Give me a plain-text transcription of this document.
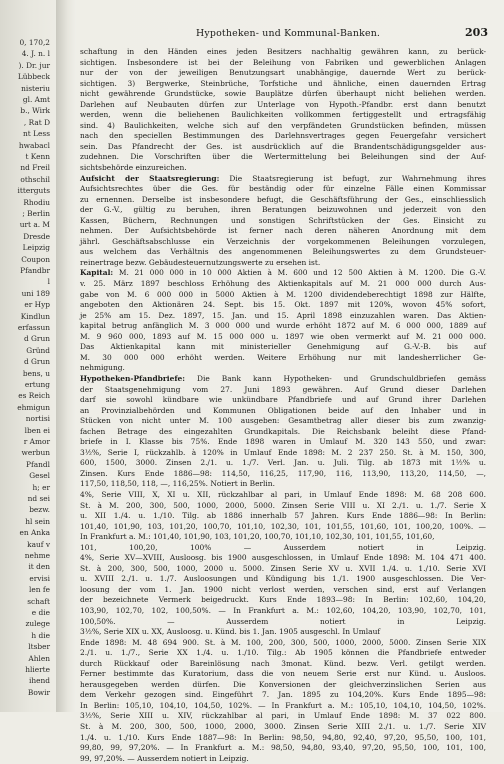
0, 170,2
4. J. n. l
). Dr. jur
Lübbeck
nisteriu
gl. Amt
b., Wirk
, Rat D
nt Less
hwabacl
t Kenn
nd Freil
othschil
itterguts
Rhodiu
; Berlin
urt a. M
Dresde
Leipzig
Coupon
Pfandbr
l
uni 189
er Hyp
Kindlun
erfassun
d Grun
Gründ
d Grun
bens, u
ertung
es Reich
ehmigun
nortisi
lben ei
r Amor
werbun
Pfandl
Gesel
h; er
nd sei
bezw.
hl sein
en Anka
kauf v
nehme
it den
ervisi
len fe
schaft
e die
zulege
h die
ltsber
Ahlen
hlierte
ihend
Bowir
Hypotheken- und Kommunal-Banken.	203
schaftung in den Händen eines jeden Besitzers nachhaltig gewähren kann, zu berück-
sichtigen. Insbesondere ist bei der Beleihung von Fabriken und gewerblichen Anlagen
nur der von der jeweiligen Benutzungsart unabhängige, dauernde Wert zu berück-
sichtigen. 3) Bergwerke, Steinbrüche, Torfstiche und ähnliche, einen dauernden Ertrag
nicht gewährende Grundstücke, sowie Bauplätze dürfen überhaupt nicht beliehen werden.
Darlehen auf Neubauten dürfen zur Unterlage von Hypoth.-Pfandbr. erst dann benutzt
werden, wenn die beliehenen Baulichkeiten vollkommen fertiggestellt und ertragsfähig
sind. 4) Baulichkeiten, welche sich auf den verpfändeten Grundstücken befinden, müssen
nach den speciellen Bestimmungen des Darlehnsvertrages gegen Feuergefahr versichert
sein. Das Pfandrecht der Ges. ist ausdrücklich auf die Brandentschädigungsgelder aus-
zudehnen. Die Vorschriften über die Wertermittelung bei Beleihungen sind der Auf-
sichtsbehörde einzureichen.
Aufsicht der Staatsregierung: Die Staatsregierung ist befugt, zur Wahrnehmung ihres
Aufsichtsrechtes über die Ges. für beständig oder für einzelne Fälle einen Kommissar
zu ernennen. Derselbe ist insbesondere befugt, die Geschäftsführung der Ges., einschliesslich
der G.-V., gültig zu beruhen, ihren Beratungen beizuwohnen und jederzeit von den
Kassen, Büchern, Rechnungen und sonstigen Schriftstücken der Ges. Einsicht zu
nehmen. Der Aufsichtsbehörde ist ferner nach deren näheren Anordnung mit dem
jährl. Geschäftsabschlusse ein Verzeichnis der vorgekommenen Beleihungen vorzulegen,
aus welchem das Verhältnis des angenommenen Beleihungswertes zu dem Grundsteuer-
reinertrage bezw. Gebäudesteuernutzungswerte zu ersehen ist.
Kapital: M. 21 000 000 in 10 000 Aktien à M. 600 und 12 500 Aktien à M. 1200. Die G.-V.
v. 25. März 1897 beschloss Erhöhung des Aktienkapitals auf M. 21 000 000 durch Aus-
gabe von M. 6 000 000 in 5000 Aktien à M. 1200 dividendeberechtigt 1898 zur Hälfte,
angeboten den Aktionären 24. Sept. bis 15. Okt. 1897 mit 120%, wovon 45% sofort,
je 25% am 15. Dez. 1897, 15. Jan. und 15. April 1898 einzuzahlen waren. Das Aktien-
kapital betrug anfänglich M. 3 000 000 und wurde erhöht 1872 auf M. 6 000 000, 1889 auf
M. 9 960 000, 1893 auf M. 15 000 000 u. 1897 wie oben vermerkt auf M. 21 000 000.
Das Aktienkapital kann mit ministerieller Genehmigung auf G.-V.-B. bis auf
M. 30 000 000 erhöht werden. Weitere Erhöhung nur mit landesherrlicher Ge-
nehmigung.
Hypotheken-Pfandbriefe: Die Bank kann Hypotheken- und Grundschuldbriefen gemäss
der Staatsgenehmigung vom 27. Juni 1893 gewähren. Auf Grund dieser Darlehen
darf sie sowohl kündbare wie unkündbare Pfandbriefe und auf Grund ihrer Darlehen
an Provinzialbehörden und Kommunen Obligationen beide auf den Inhaber und in
Stücken von nicht unter M. 100 ausgeben: Gesamtbetrag aller dieser bis zum zwanzig-
fachen Betrage des eingezahlten Grundkapitals. Die Reichsbank beleiht diese Pfand-
briefe in I. Klasse bis 75%. Ende 1898 waren in Umlauf M. 320 143 550, und zwar:
3½%, Serie I, rückzahlb. à 120% in Umlauf Ende 1898: M. 2 237 250. St. à M. 150, 300,
600, 1500, 3000. Zinsen 2./1. u. 1./7. Verl. Jan. u. Juli. Tilg. ab 1873 mit 1½% u.
Zinsen. Kurs Ende 1886—98: 114,50, 116,25, 117,90, 116, 113,90, 113,20, 114,50, —,
117,50, 118,50, 118, —, 116,25%. Notiert in Berlin.
4%, Serie VIII, X, XI u. XII, rückzahlbar al pari, in Umlauf Ende 1898: M. 68 208 600.
St. à M. 200, 300, 500, 1000, 2000, 5000. Zinsen Serie VIII u. XI 2./1. u. 1./7. Serie X
u. XII 1./4. u. 1./10. Tilg. ab 1886 innerhalb 57 Jahren. Kurs Ende 1886—98: In Berlin:
101,40, 101,90, 103, 101,20, 100,70, 101,10, 102,30, 101, 101,55, 101,60, 101, 100,20, 100%. —
In Frankfurt a. M.: 101,40, 101,90, 103, 101,20, 100,70, 101,10, 102,30, 101, 101,55, 101,60,
101, 100,20, 100% — Ausserdem notiert in Leipzig.
4%, Serie XV—XVIII, Ausloosg. bis 1900 ausgeschlossen, in Umlauf Ende 1898: M. 104 471 400.
St. à 200, 300, 500, 1000, 2000 u. 5000. Zinsen Serie XV u. XVII 1./4. u. 1./10. Serie XVI
u. XVIII 2./1. u. 1./7. Ausloosungen und Kündigung bis 1./1. 1900 ausgeschlossen. Die Ver-
loosung der vom 1. Jan. 1900 nicht verlost werden, verschen sind, erst auf Verlangen
der bezeichnete Vermerk beigedruckt. Kurs Ende 1893—98: In Berlin: 102,60, 104,20,
103,90, 102,70, 102, 100,50%. — In Frankfurt a. M.: 102,60, 104,20, 103,90, 102,70, 101,
100,50%. — Ausserdem notiert in Leipzig.
3½%, Serie XIX u. XX, Ausloosg. u. Künd. bis 1. Jan. 1905 ausgeschl. In Umlauf
Ende 1898: M. 48 694 900. St. à M. 100, 200, 300, 500, 1000, 2000, 5000. Zinsen Serie XIX
2./1. u. 1./7., Serie XX 1./4. u. 1./10. Tilg.: Ab 1905 können die Pfandbriefe entweder
durch Rückkauf oder Bareinlösung nach 3monat. Künd. bezw. Verl. getilgt werden.
Ferner bestimmte das Kuratorium, dass die von neuem Serie erst nur Künd. u. Ausloos.
herausgegeben werden dürfen. Die Konversionen der gleichverzinslichen Serien aus
dem Verkehr gezogen sind. Eingeführt 7. Jan. 1895 zu 104,20%. Kurs Ende 1895—98:
In Berlin: 105,10, 104,10, 104,50, 102%. — In Frankfurt a. M.: 105,10, 104,10, 104,50, 102%.
3½%, Serie XIII u. XIV, rückzahlbar al pari, in Umlauf Ende 1898: M. 37 022 800.
St. à M. 200, 300, 500, 1000, 2000, 3000. Zinsen Serie XIII 2./1. u. 1./7. Serie XIV
1./4. u. 1./10. Kurs Ende 1887—98: In Berlin: 98,50, 94,80, 92,40, 97,20, 95,50, 100, 101,
99,80, 99, 97,20%. — In Frankfurt a. M.: 98,50, 94,80, 93,40, 97,20, 95,50, 100, 101, 100,
99, 97,20%. — Ausserdem notiert in Leipzig.
